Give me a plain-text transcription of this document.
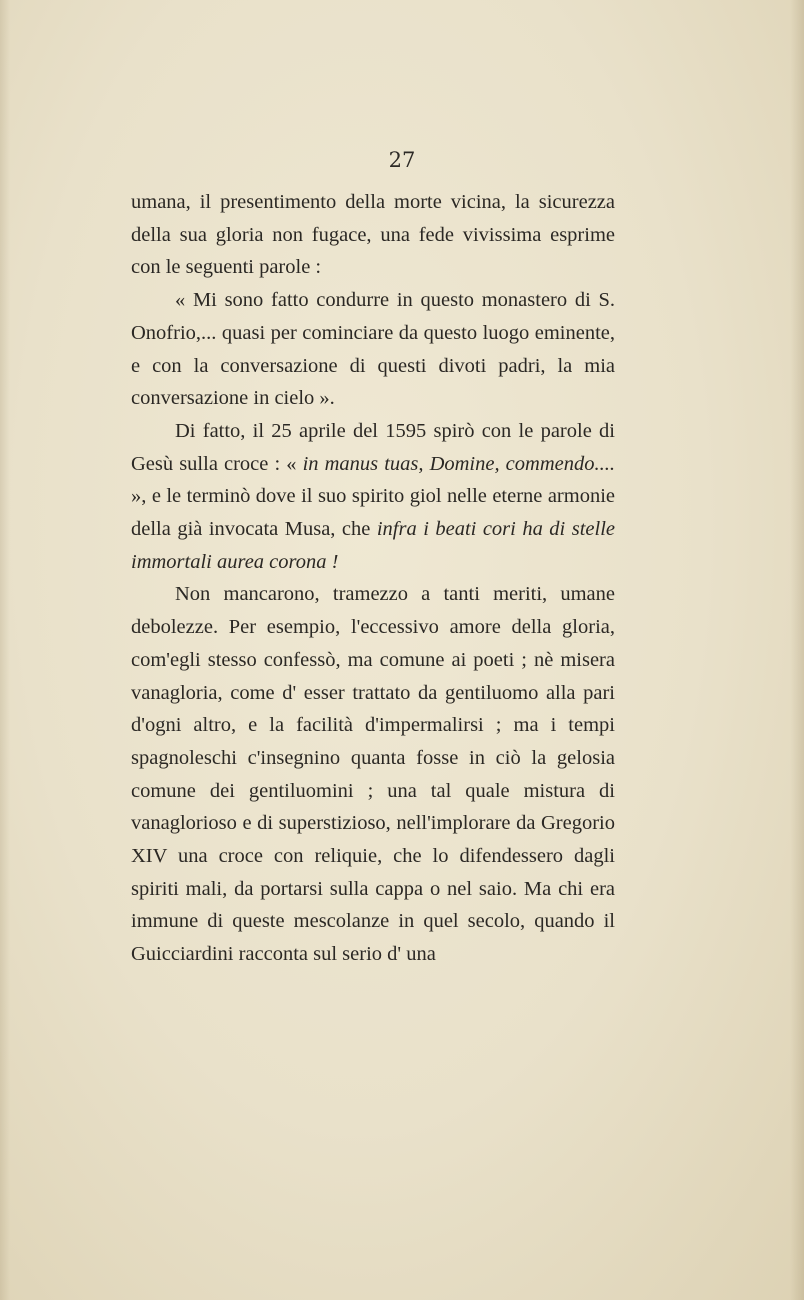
27

umana, il presentimento della morte vicina, la sicurezza della sua gloria non fugace, una fede vivissima esprime con le seguenti parole :

« Mi sono fatto condurre in questo monastero di S. Onofrio,... quasi per cominciare da questo luogo eminente, e con la conversazione di questi divoti padri, la mia conversazione in cielo ».

Di fatto, il 25 aprile del 1595 spirò con le parole di Gesù sulla croce : « in manus tuas, Domine, commendo.... », e le terminò dove il suo spirito giol nelle eterne armonie della già invocata Musa, che infra i beati cori ha di stelle immortali aurea corona !

Non mancarono, tramezzo a tanti meriti, umane debolezze. Per esempio, l'eccessivo amore della gloria, com'egli stesso confessò, ma comune ai poeti ; nè misera vanagloria, come d' esser trattato da gentiluomo alla pari d'ogni altro, e la facilità d'impermalirsi ; ma i tempi spagnoleschi c'insegnino quanta fosse in ciò la gelosia comune dei gentiluomini ; una tal quale mistura di vanaglorioso e di superstizioso, nell'implorare da Gregorio XIV una croce con reliquie, che lo difendessero dagli spiriti mali, da portarsi sulla cappa o nel saio. Ma chi era immune di queste mescolanze in quel secolo, quando il Guicciardini racconta sul serio d' una
